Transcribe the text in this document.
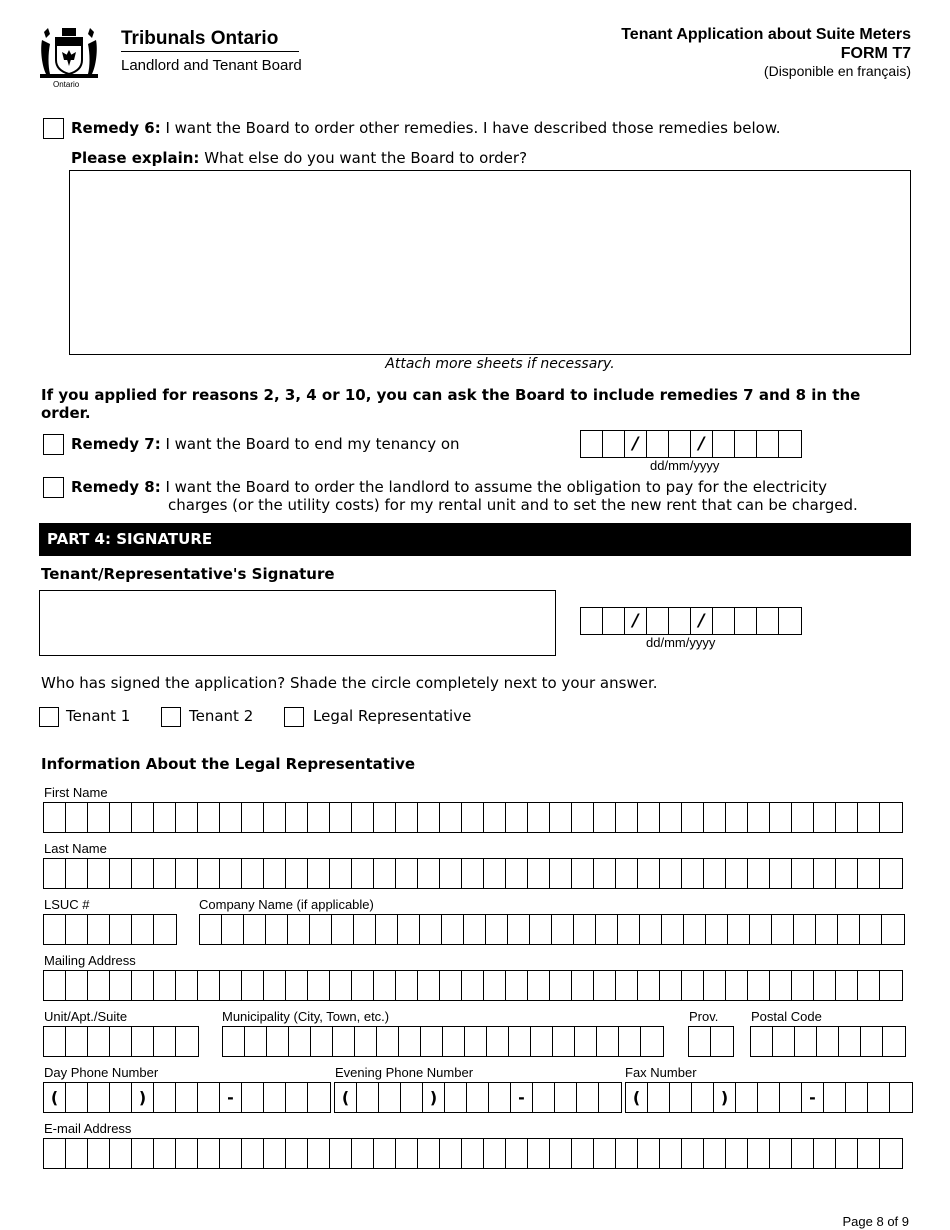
Ontario
Tribunals Ontario
Landlord and Tenant Board
Tenant Application about Suite Meters
FORM T7
(Disponible en français)
Remedy 6: I want the Board to order other remedies. I have described those remedies below.
Please explain: What else do you want the Board to order?
Attach more sheets if necessary.
If you applied for reasons 2, 3, 4 or 10, you can ask the Board to include remedies 7 and 8 in the
order.
Remedy 7: I want the Board to end my tenancy on	/	/
dd/mm/yyyy
Remedy 8: I want the Board to order the landlord to assume the obligation to pay for the electricity
charges (or the utility costs) for my rental unit and to set the new rent that can be charged.
PART 4: SIGNATURE
Tenant/Representative's Signature
/	/
dd/mm/yyyy
Who has signed the application? Shade the circle completely next to your answer.
Tenant 1	Tenant 2	Legal Representative
Information About the Legal Representative
First Name
Last Name
LSUC #	Company Name (if applicable)
Mailing Address
Unit/Apt./Suite	Municipality (City, Town, etc.)	Prov.	Postal Code
Day Phone Number
(	)	-
Evening Phone Number
(	)	-
Fax Number
(	)	-
E-mail Address
Page 8 of 9
